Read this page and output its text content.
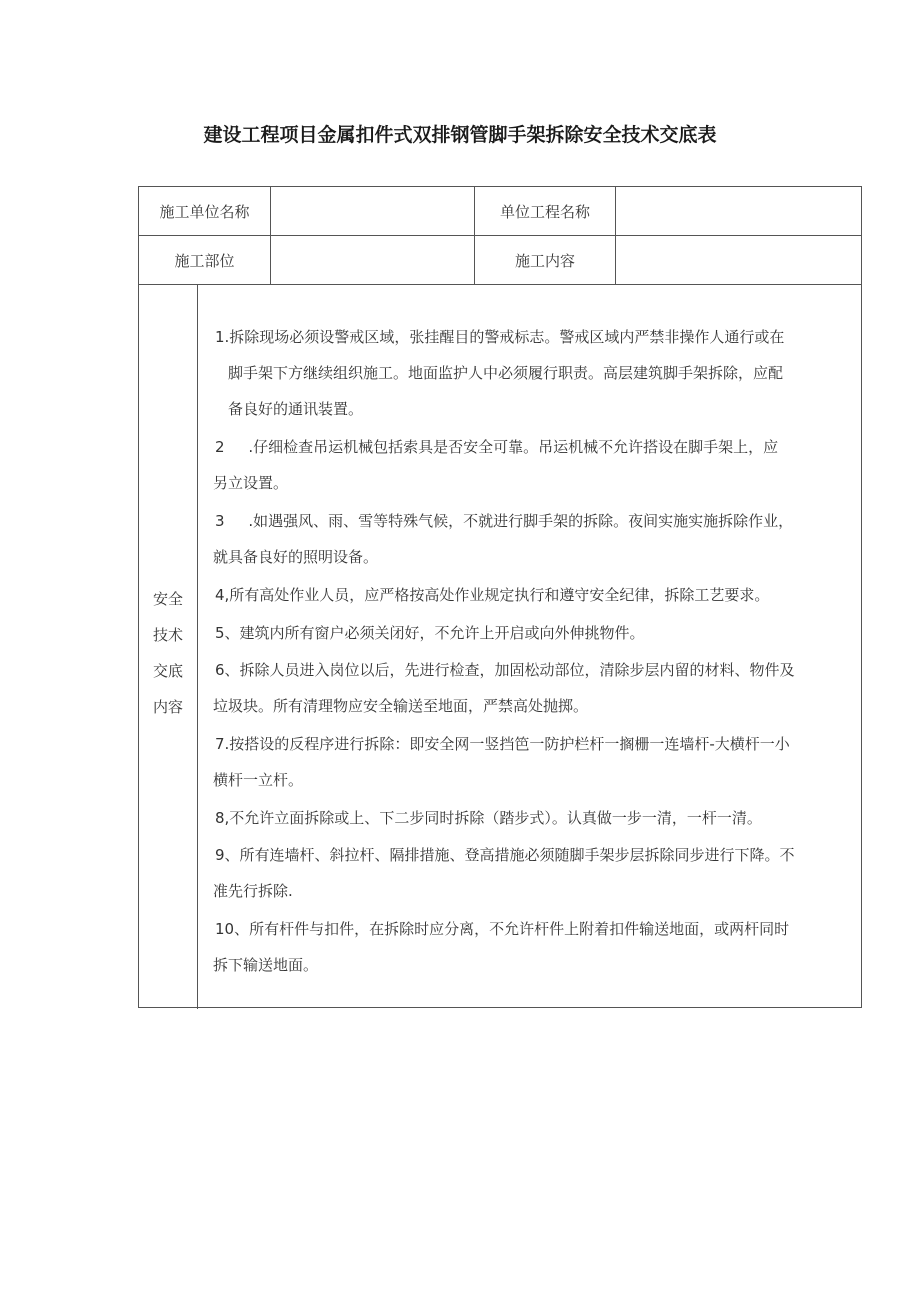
建设工程项目金属扣件式双排钢管脚手架拆除安全技术交底表
施工单位名称	单位工程名称
施工部位	施工内容
安全
技术
交底
内容
1.拆除现场必须设警戒区域，张挂醒目的警戒标志。警戒区域内严禁非操作人通行或在
脚手架下方继续组织施工。地面监护人中必须履行职责。高层建筑脚手架拆除，应配
备良好的通讯装置。
2     .仔细检查吊运机械包括索具是否安全可靠。吊运机械不允许搭设在脚手架上，应
另立设置。
3     .如遇强风、雨、雪等特殊气候，不就进行脚手架的拆除。夜间实施实施拆除作业，
就具备良好的照明设备。
4,所有高处作业人员，应严格按高处作业规定执行和遵守安全纪律，拆除工艺要求。
5、建筑内所有窗户必须关闭好，不允许上开启或向外伸挑物件。
6、拆除人员进入岗位以后，先进行检查，加固松动部位，清除步层内留的材料、物件及
垃圾块。所有清理物应安全输送至地面，严禁高处抛掷。
7.按搭设的反程序进行拆除：即安全网一竖挡笆一防护栏杆一搁栅一连墙杆-大横杆一小
横杆一立杆。
8,不允许立面拆除或上、下二步同时拆除（踏步式）。认真做一步一清，一杆一清。
9、所有连墙杆、斜拉杆、隔排措施、登高措施必须随脚手架步层拆除同步进行下降。不
准先行拆除.
10、所有杆件与扣件，在拆除时应分离，不允许杆件上附着扣件输送地面，或两杆同时
拆下输送地面。
